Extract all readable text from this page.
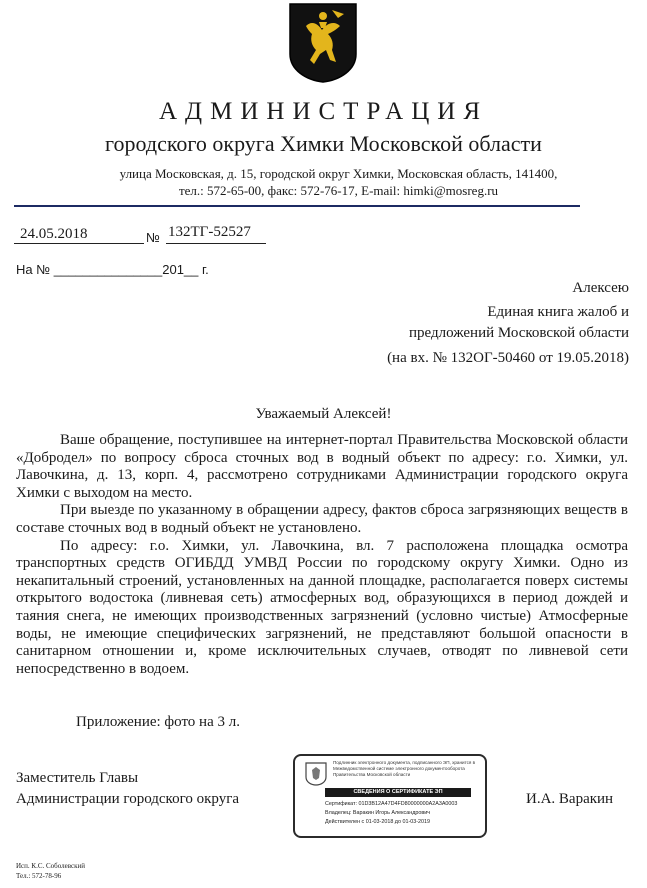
АДМИНИСТРАЦИЯ
городского округа Химки Московской области
улица Московская, д. 15, городской округ Химки, Московская область, 141400,
тел.: 572-65-00, факс: 572-76-17, E-mail: himki@mosreg.ru
24.05.2018	№ 132ТГ-52527
На № _______________201__ г.
Алексею
Единая книга жалоб и
предложений Московской области
(на вх. № 132ОГ-50460 от 19.05.2018)
Уважаемый Алексей!

Ваше обращение, поступившее на интернет-портал Правительства Московской области «Добродел» по вопросу сброса сточных вод в водный объект по адресу: г.о. Химки, ул. Лавочкина, д. 13, корп. 4, рассмотрено сотрудниками Администрации городского округа Химки с выходом на место.

При выезде по указанному в обращении адресу, фактов сброса загрязняющих веществ в составе сточных вод в водный объект не установлено.

По адресу: г.о. Химки, ул. Лавочкина, вл. 7 расположена площадка осмотра транспортных средств ОГИБДД УМВД России по городскому округу Химки. Одно из некапитальный строений, установленных на данной площадке, располагается поверх системы открытого водостока (ливневая сеть) атмосферных вод, образующихся в период дождей и таяния снега, не имеющих производственных загрязнений (условно чистые) Атмосферные воды, не имеющие специфических загрязнений, не представляют большой опасности в санитарном отношении и, кроме исключительных случаев, отводят по ливневой сети непосредственно в водоем.

Приложение: фото на 3 л.
Заместитель Главы
Администрации городского округа	И.А. Варакин
Подлинник электронного документа, подписанного ЭП, хранится в Межведомственной системе электронного документооборота Правительства Московской области
СВЕДЕНИЯ О СЕРТИФИКАТЕ ЭП
Сертификат: 01D3B12A47D4FD80000000A2A3A0003
Владелец: Варакин Игорь Александрович
Действителен с 01-03-2018 до 01-03-2019
Исп. К.С. Соболевский
Тел.: 572-78-96
